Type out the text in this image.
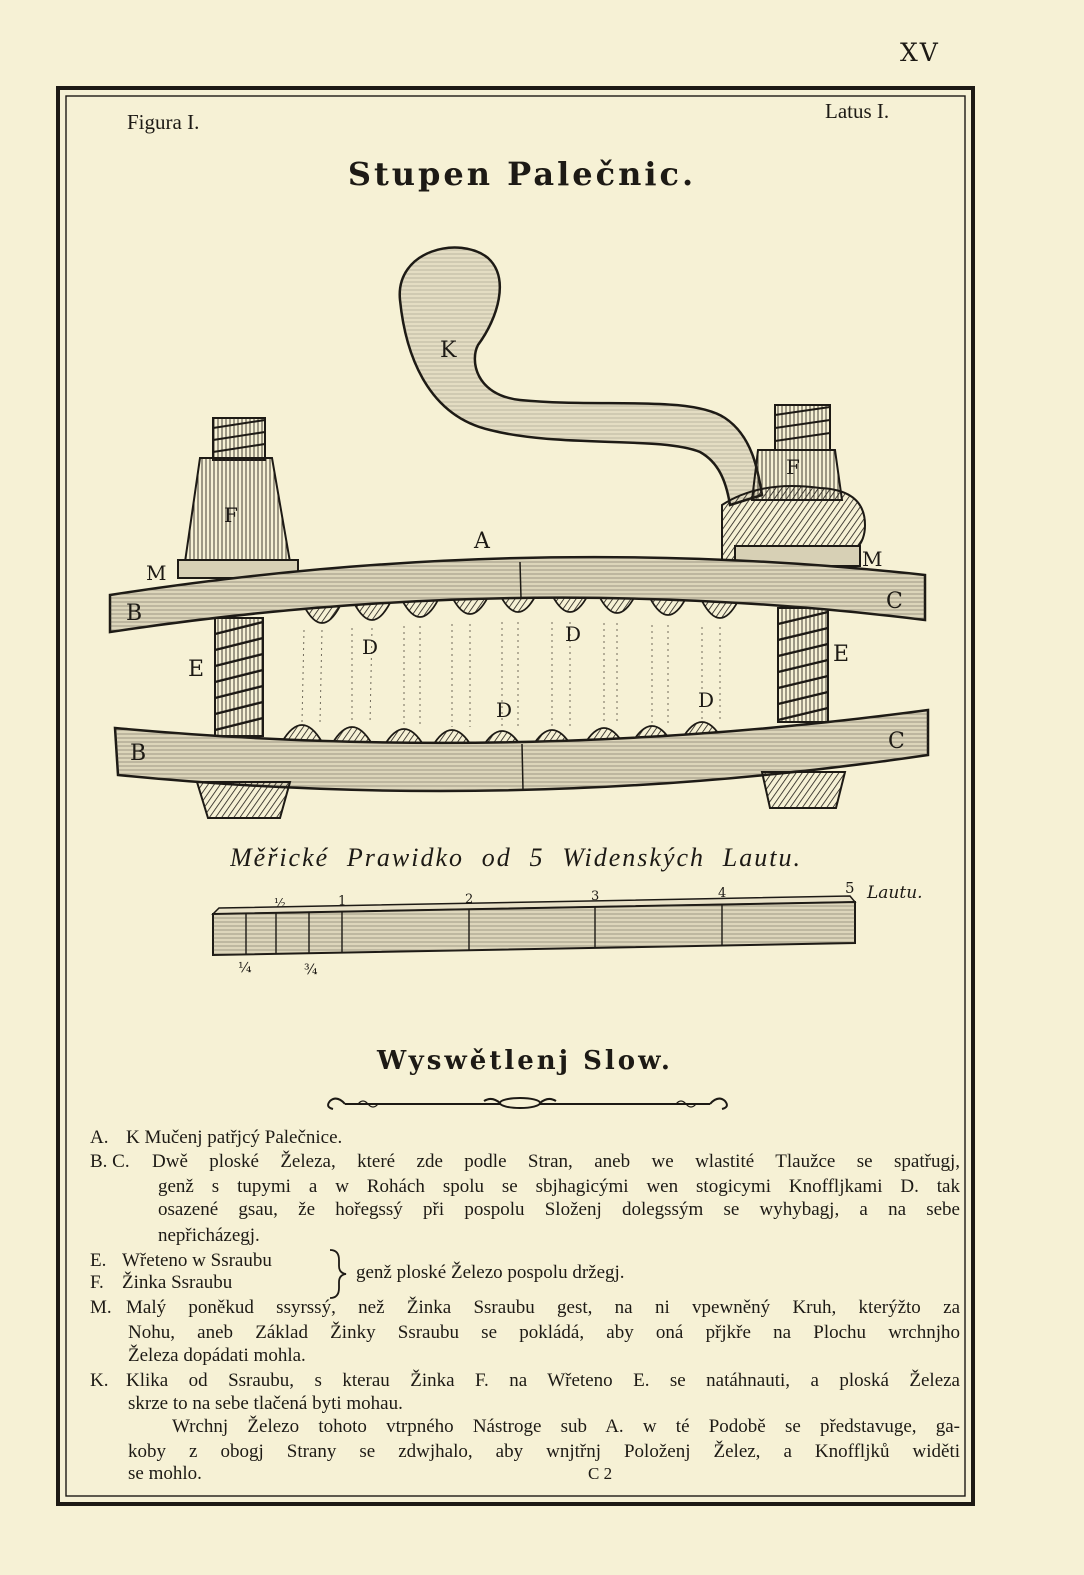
K
F
F
A
M
M
B	C
B	C
E
E
D
D
D	D
½	1	2	3	4	5 Lautu.
¼	¾
XV
Figura I.	Latus I.
Stupen Palečnic.
Měřické Prawidko od 5 Widenských Lautu.
Wyswětlenj Slow.
A. K Mučenj patřjcý Palečnice.
B. C. Dwě ploské Železa, které zde podle Stran, aneb we wlastité Tlaužce se spatřugj,
genž s tupymi a w Rohách spolu se sbjhagicými wen stogicymi Knoffljkami D. tak
osazené gsau, že hořegssý při pospolu Složenj dolegssým se wyhybagj, a na sebe
nepřicházegj.
E. Wřeteno w Ssraubu
F. Žinka Ssraubu	genž ploské Železo pospolu držegj.
M. Malý poněkud ssyrssý, než Žinka Ssraubu gest, na ni vpewněný Kruh, kterýžto za
Nohu, aneb Základ Žinky Ssraubu se pokládá, aby oná přjkře na Plochu wrchnjho
Železa dopádati mohla.
K. Klika od Ssraubu, s kterau Žinka F. na Wřeteno E. se natáhnauti, a ploská Železa
skrze to na sebe tlačená byti mohau.
Wrchnj Železo tohoto vtrpného Nástroge sub A. w té Podobě se představuge, ga-
koby z obogj Strany se zdwjhalo, aby wnjtřnj Položenj Želez, a Knoffljků widěti
se mohlo.	C 2
